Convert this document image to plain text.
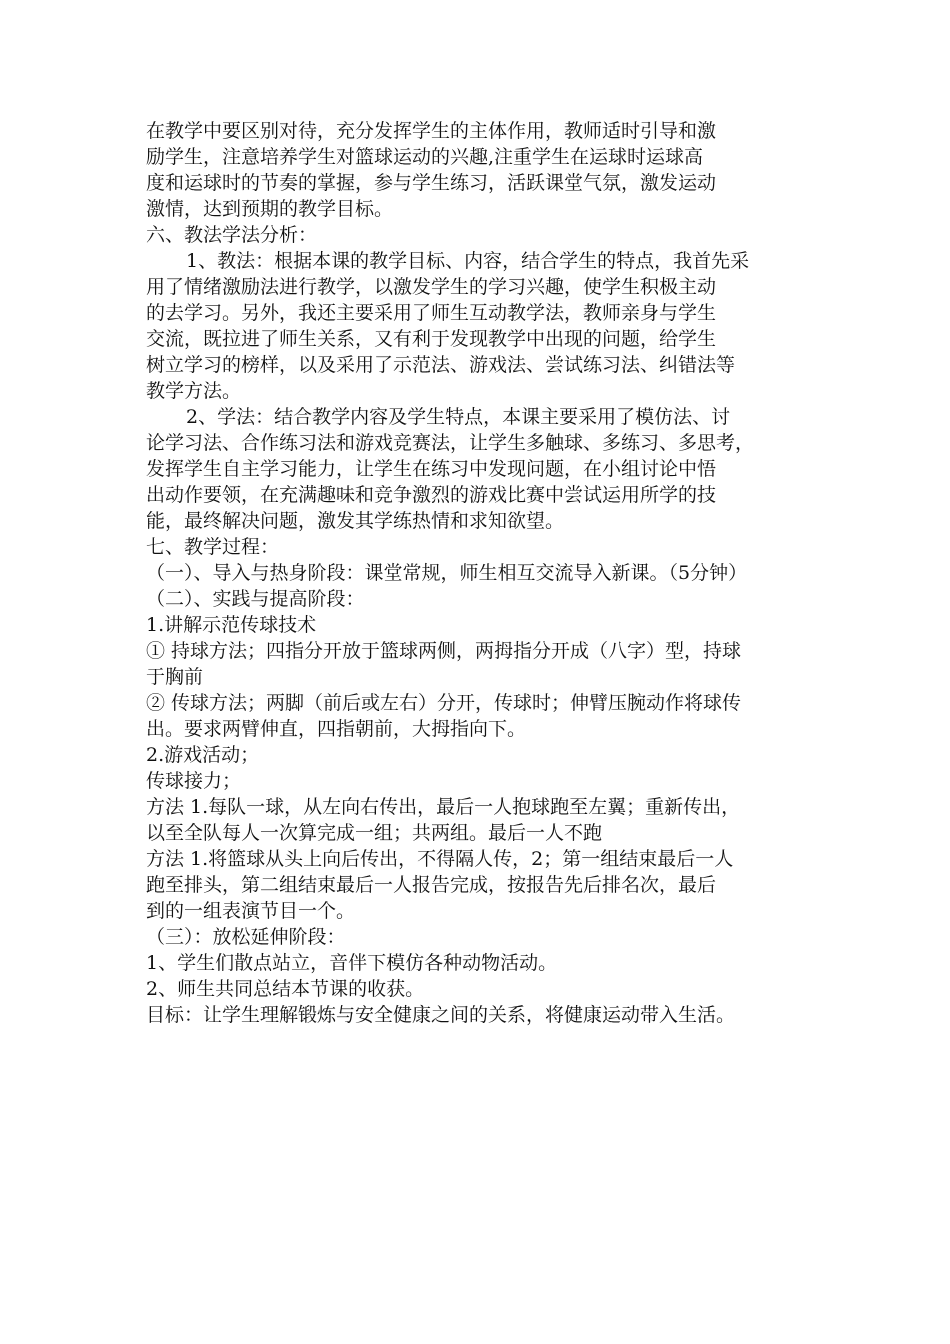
在教学中要区别对待，充分发挥学生的主体作用，教师适时引导和激
励学生，注意培养学生对篮球运动的兴趣,注重学生在运球时运球高
度和运球时的节奏的掌握，参与学生练习，活跃课堂气氛，激发运动
激情，达到预期的教学目标。
六、教法学法分析：
1、教法：根据本课的教学目标、内容，结合学生的特点，我首先采
用了情绪激励法进行教学，以激发学生的学习兴趣，使学生积极主动
的去学习。另外，我还主要采用了师生互动教学法，教师亲身与学生
交流，既拉进了师生关系，又有利于发现教学中出现的问题，给学生
树立学习的榜样，以及采用了示范法、游戏法、尝试练习法、纠错法等
教学方法。
2、学法：结合教学内容及学生特点，本课主要采用了模仿法、讨
论学习法、合作练习法和游戏竞赛法，让学生多触球、多练习、多思考，
发挥学生自主学习能力，让学生在练习中发现问题，在小组讨论中悟
出动作要领，在充满趣味和竞争激烈的游戏比赛中尝试运用所学的技
能，最终解决问题，激发其学练热情和求知欲望。
七、教学过程：
（一）、导入与热身阶段：课堂常规，师生相互交流导入新课。（5分钟）
（二）、实践与提高阶段：
1.讲解示范传球技术
① 持球方法；四指分开放于篮球两侧，两拇指分开成（八字）型，持球
于胸前
② 传球方法；两脚（前后或左右）分开，传球时；伸臂压腕动作将球传
出。要求两臂伸直，四指朝前，大拇指向下。
2.游戏活动；
传球接力；
方法 1.每队一球，从左向右传出，最后一人抱球跑至左翼；重新传出，
以至全队每人一次算完成一组；共两组。最后一人不跑
方法 1.将篮球从头上向后传出，不得隔人传，2；第一组结束最后一人
跑至排头，第二组结束最后一人报告完成，按报告先后排名次，最后
到的一组表演节目一个。
（三）：放松延伸阶段：
1、学生们散点站立，音伴下模仿各种动物活动。
2、师生共同总结本节课的收获。
目标：让学生理解锻炼与安全健康之间的关系，将健康运动带入生活。
